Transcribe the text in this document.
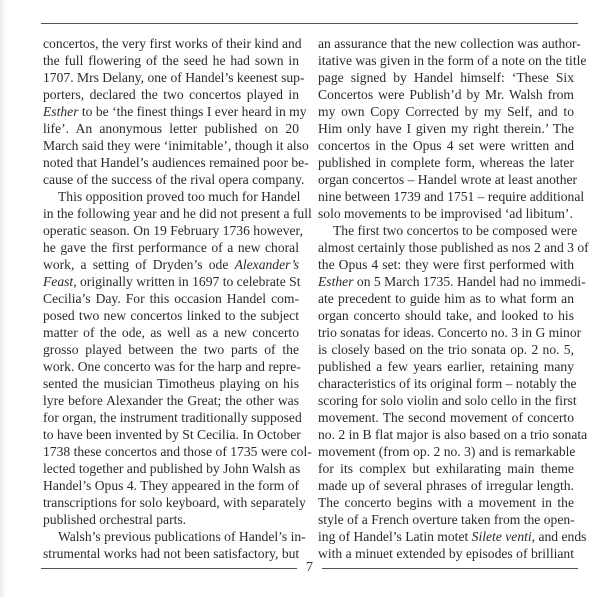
concertos, the very first works of their kind and
the full flowering of the seed he had sown in
1707. Mrs Delany, one of Handel’s keenest sup-
porters, declared the two concertos played in
Esther to be ‘the finest things I ever heard in my
life’. An anonymous letter published on 20
March said they were ‘inimitable’, though it also
noted that Handel’s audiences remained poor be-
cause of the success of the rival opera company.

This opposition proved too much for Handel
in the following year and he did not present a full
operatic season. On 19 February 1736 however,
he gave the first performance of a new choral
work, a setting of Dryden’s ode Alexander’s
Feast, originally written in 1697 to celebrate St
Cecilia’s Day. For this occasion Handel com-
posed two new concertos linked to the subject
matter of the ode, as well as a new concerto
grosso played between the two parts of the
work. One concerto was for the harp and repre-
sented the musician Timotheus playing on his
lyre before Alexander the Great; the other was
for organ, the instrument traditionally supposed
to have been invented by St Cecilia. In October
1738 these concertos and those of 1735 were col-
lected together and published by John Walsh as
Handel’s Opus 4. They appeared in the form of
transcriptions for solo keyboard, with separately
published orchestral parts.

Walsh’s previous publications of Handel’s in-
strumental works had not been satisfactory, but

an assurance that the new collection was author-
itative was given in the form of a note on the title
page signed by Handel himself: ‘These Six
Concertos were Publish’d by Mr. Walsh from
my own Copy Corrected by my Self, and to
Him only have I given my right therein.’ The
concertos in the Opus 4 set were written and
published in complete form, whereas the later
organ concertos – Handel wrote at least another
nine between 1739 and 1751 – require additional
solo movements to be improvised ‘ad libitum’.

The first two concertos to be composed were
almost certainly those published as nos 2 and 3 of
the Opus 4 set: they were first performed with
Esther on 5 March 1735. Handel had no immedi-
ate precedent to guide him as to what form an
organ concerto should take, and looked to his
trio sonatas for ideas. Concerto no. 3 in G minor
is closely based on the trio sonata op. 2 no. 5,
published a few years earlier, retaining many
characteristics of its original form – notably the
scoring for solo violin and solo cello in the first
movement. The second movement of concerto
no. 2 in B flat major is also based on a trio sonata
movement (from op. 2 no. 3) and is remarkable
for its complex but exhilarating main theme
made up of several phrases of irregular length.
The concerto begins with a movement in the
style of a French overture taken from the open-
ing of Handel’s Latin motet Silete venti, and ends
with a minuet extended by episodes of brilliant

7
